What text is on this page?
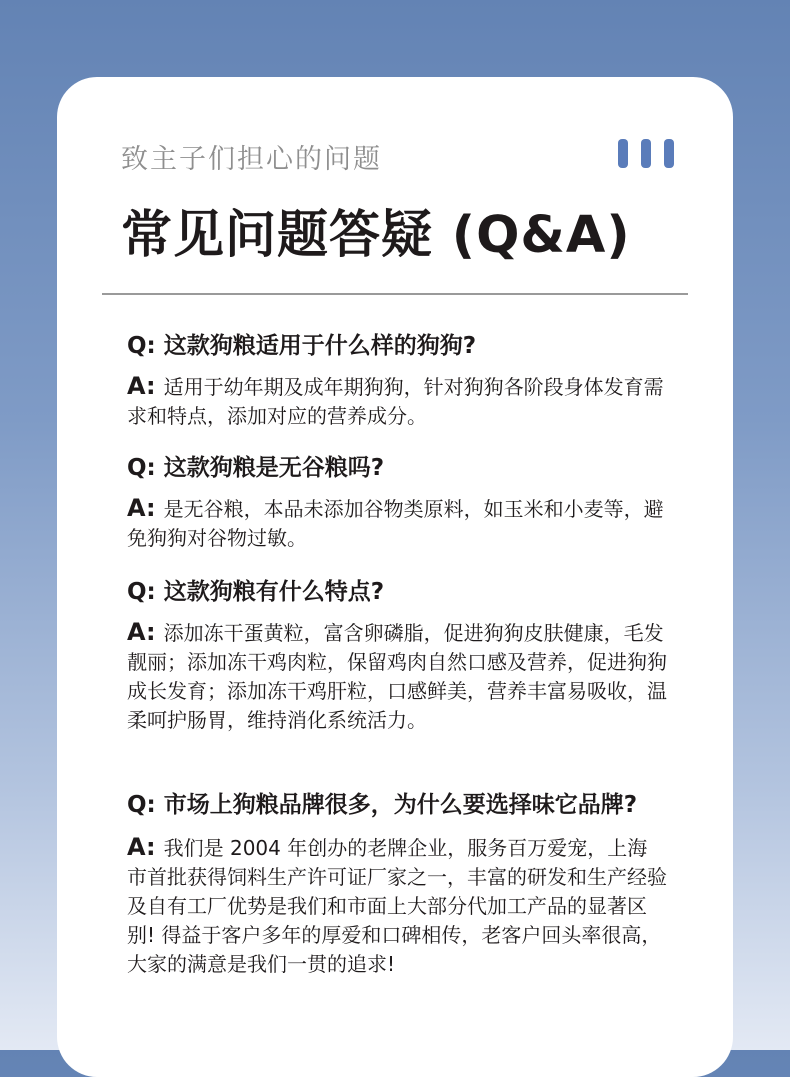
致主子们担心的问题
常见问题答疑 (Q&A)
Q: 这款狗粮适用于什么样的狗狗?
A: 适用于幼年期及成年期狗狗，针对狗狗各阶段身体发育需求和特点，添加对应的营养成分。
Q: 这款狗粮是无谷粮吗?
A: 是无谷粮，本品未添加谷物类原料，如玉米和小麦等，避免狗狗对谷物过敏。
Q: 这款狗粮有什么特点?
A: 添加冻干蛋黄粒，富含卵磷脂，促进狗狗皮肤健康，毛发靓丽；添加冻干鸡肉粒，保留鸡肉自然口感及营养，促进狗狗成长发育；添加冻干鸡肝粒，口感鲜美，营养丰富易吸收，温柔呵护肠胃，维持消化系统活力。
Q: 市场上狗粮品牌很多，为什么要选择味它品牌?
A: 我们是 2004 年创办的老牌企业，服务百万爱宠，上海市首批获得饲料生产许可证厂家之一，丰富的研发和生产经验及自有工厂优势是我们和市面上大部分代加工产品的显著区别! 得益于客户多年的厚爱和口碑相传，老客户回头率很高，大家的满意是我们一贯的追求!
